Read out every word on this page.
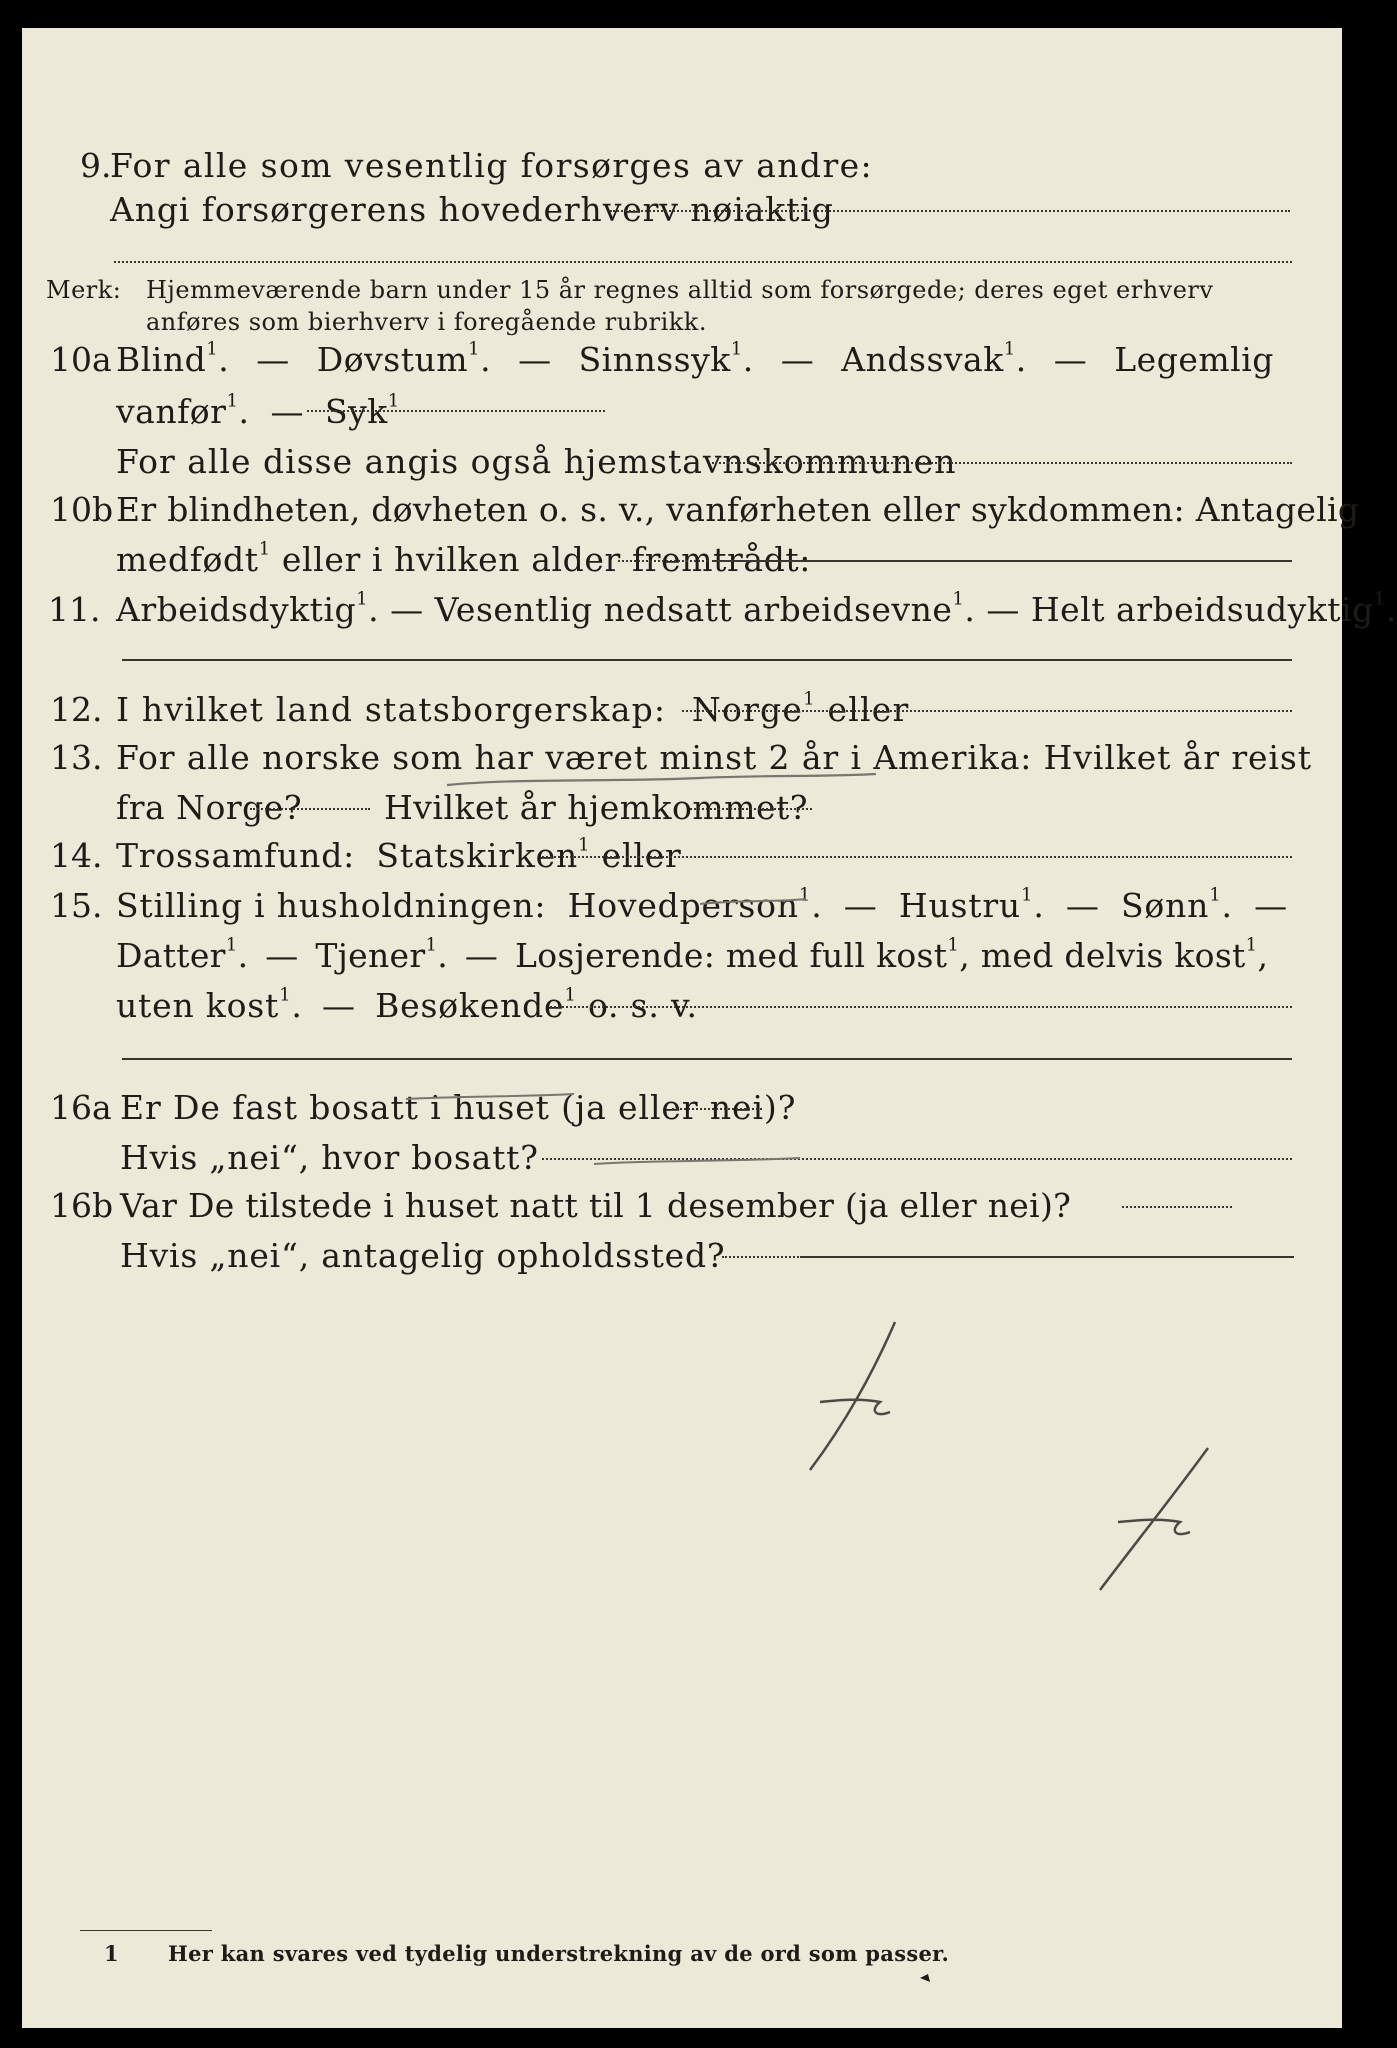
9.
For alle som vesentlig forsørges av andre:
Angi forsørgerens hovederhverv nøiaktig
Merk: Hjemmeværende barn under 15 år regnes alltid som forsørgede; deres eget erhverv
anføres som bierhverv i foregående rubrikk.
10a Blind$^1$. — Døvstum$^1$. — Sinnssyk$^1$. — Andssvak$^1$. — Legemlig
vanfør$^1$. — Syk$^1$
For alle disse angis også hjemstavnskommunen
10b Er blindheten, døvheten o. s. v., vanførheten eller sykdommen: Antagelig
medfødt$^1$ eller i hvilken alder fremtrådt:
11. Arbeidsdyktig$^1$. — Vesentlig nedsatt arbeidsevne$^1$. — Helt arbeidsudyktig$^1$.
12. I hvilket land statsborgerskap: Norge$^1$ eller
13. For alle norske som har været minst 2 år i Amerika: Hvilket år reist
fra Norge? Hvilket år hjemkommet?
14. Trossamfund: Statskirken$^1$ eller
15. Stilling i husholdningen: Hovedperson$^1$. — Hustru$^1$. — Sønn$^1$. —
Datter$^1$. — Tjener$^1$. — Losjerende: med full kost$^1$, med delvis kost$^1$,
uten kost$^1$. — Besøkende$^1$ o. s. v.
16a Er De fast bosatt i huset (ja eller nei)?
Hvis „nei“, hvor bosatt?
16b Var De tilstede i huset natt til 1 desember (ja eller nei)?
Hvis „nei“, antagelig opholdssted?
1 Her kan svares ved tydelig understrekning av de ord som passer.
